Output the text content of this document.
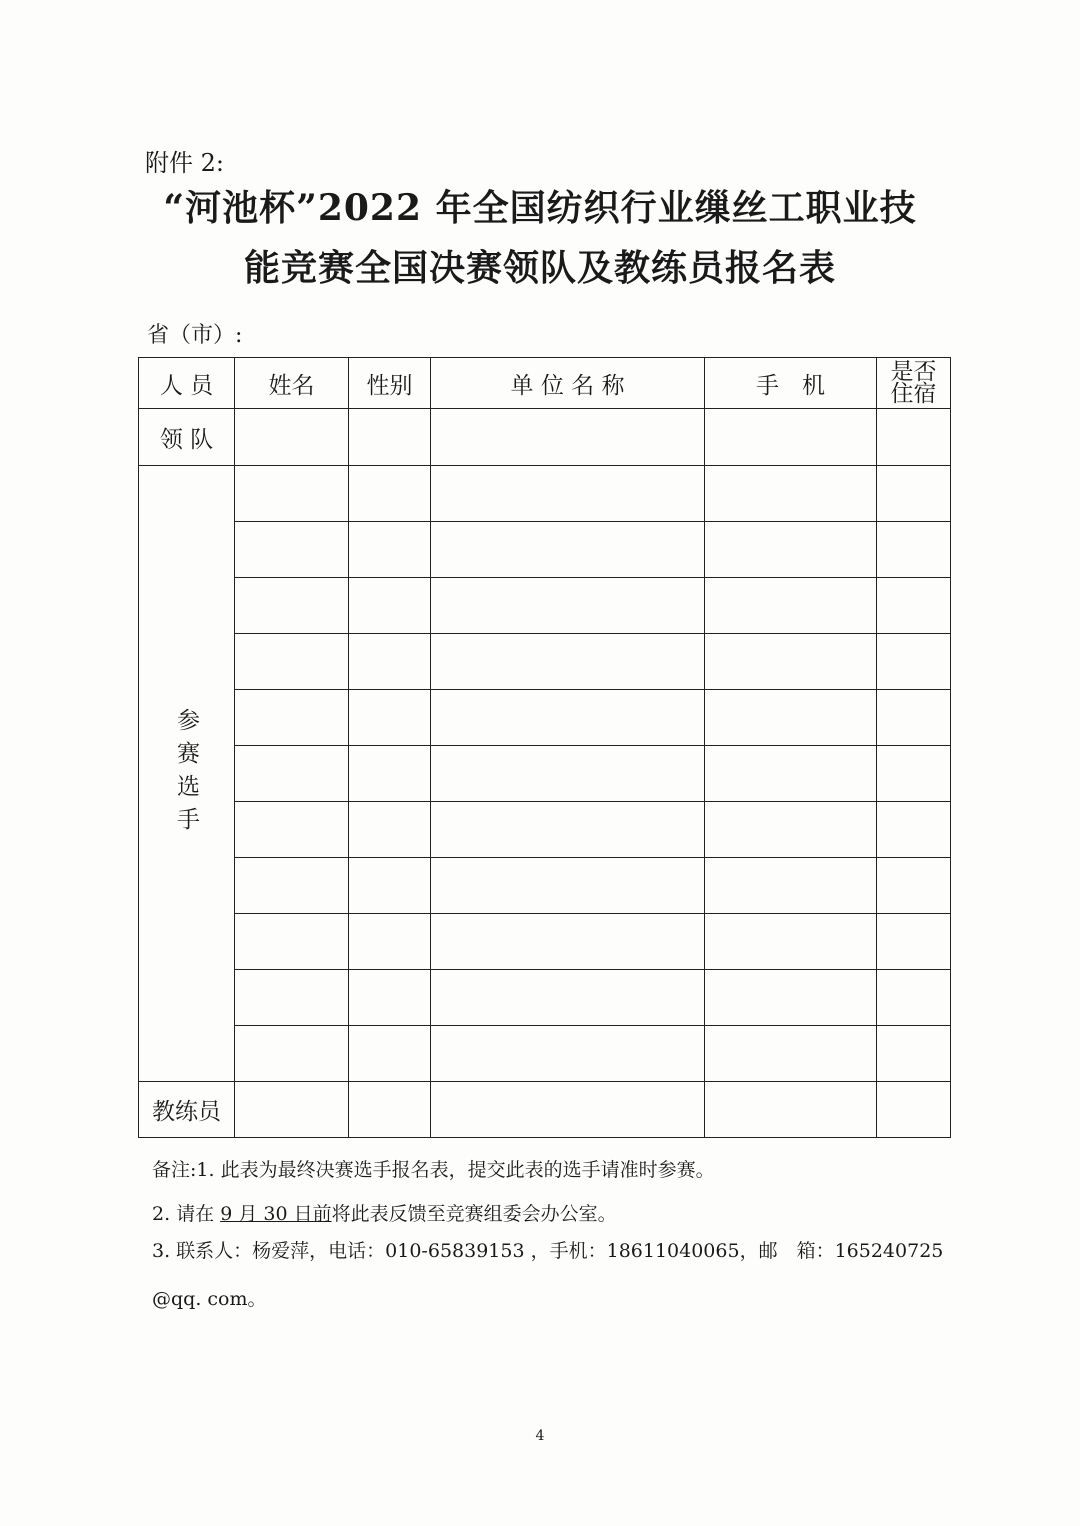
附件 2:
“河池杯”2022 年全国纺织行业缫丝工职业技
能竞赛全国决赛领队及教练员报名表
省（市）:
人 员	姓名	性别	单 位 名 称	手　机	是否
住宿

领 队					

参赛选手					

教练员					
备注:1. 此表为最终决赛选手报名表，提交此表的选手请准时参赛。
2. 请在 9 月 30 日前将此表反馈至竞赛组委会办公室。
3. 联系人：杨爱萍，电话：010-65839153 ，手机：18611040065，邮　箱：165240725
@qq. com。
4
